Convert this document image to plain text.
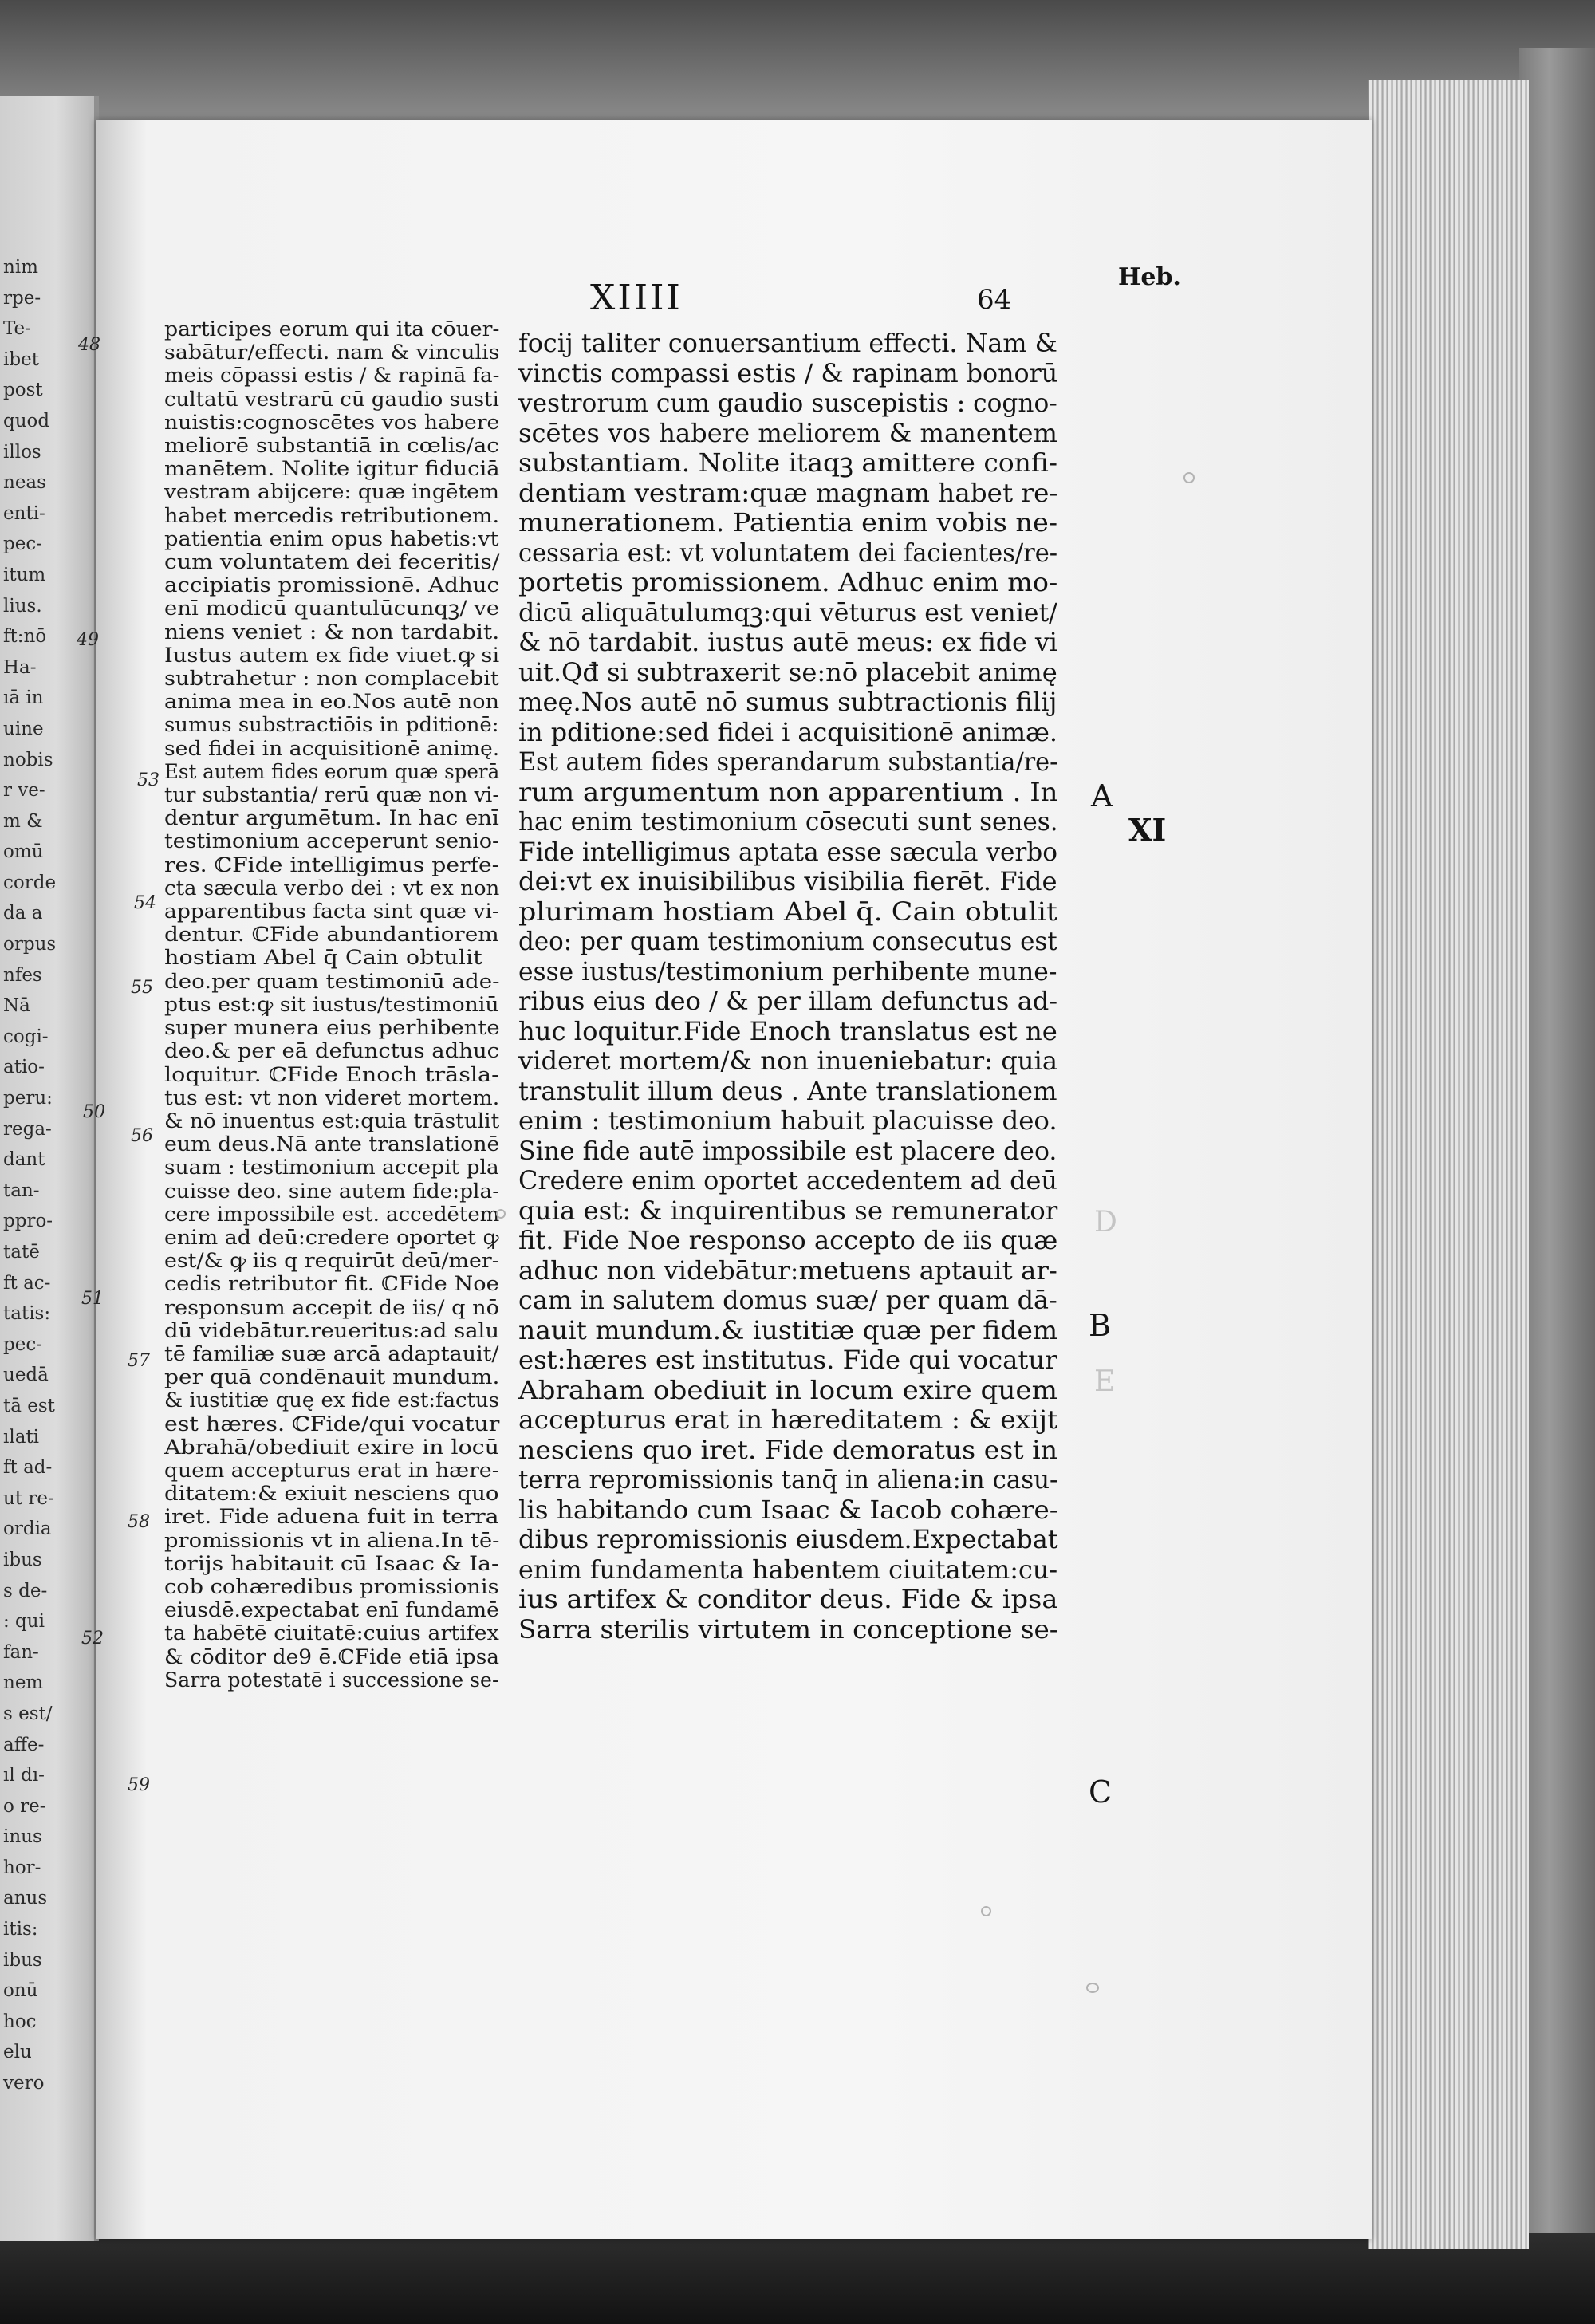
nim
rpe-
Te-
ibet
post
quod
illos
neas
enti-
pec-
itum
lius.
ft:nō
Ha-
ıā in
uine
nobis
r ve-
m &
omū
corde
da a
orpus
nfes
Nā
cogi-
atio-
peru:
rega-
dant
tan-
ppro-
tatē
ft ac-
tatis:
pec-
uedā
tā est
ılati
ft ad-
ut re-
ordia
ibus
s de-
: qui
fan-
nem
s est/
affe-
ıl dı-
o re-
inus
hor-
anus
itis:
ibus
onū
hoc
elu
vero
XIIII	64
Heb.
participes eorum qui ita cōuer-
sabātur/effecti. nam & vinculis
meis cōpassi estis / & rapinā fa-
cultatū vestrarū cū gaudio susti
nuistis:cognoscētes vos habere
meliorē substantiā in cœlis/ac
manētem. Nolite igitur fiduciā
vestram abijcere: quæ ingētem
habet mercedis retributionem.
patientia enim opus habetis:vt
cum voluntatem dei feceritis/
accipiatis promissionē. Adhuc
enī modicū quantulūcunqꝫ/ ve
niens veniet : & non tardabit.
Iustus autem ex fide viuet.ꝙ si
subtrahetur : non complacebit
anima mea in eo.Nos autē non
sumus substractiōis in pditionē:
sed fidei in acquisitionē animę.
Est autem fides eorum quæ sperā
tur substantia/ rerū quæ non vi-
dentur argumētum. In hac enī
testimonium acceperunt senio-
res. ℂFide intelligimus perfe-
cta sæcula verbo dei : vt ex non
apparentibus facta sint quæ vi-
dentur. ℂFide abundantiorem
hostiam Abel q̄ Cain obtulit
deo.per quam testimoniū ade-
ptus est:ꝙ sit iustus/testimoniū
super munera eius perhibente
deo.& per eā defunctus adhuc
loquitur. ℂFide Enoch trāsla-
tus est: vt non videret mortem.
& nō inuentus est:quia trāstulit
eum deus.Nā ante translationē
suam : testimonium accepit pla
cuisse deo. sine autem fide:pla-
cere impossibile est. accedētem
enim ad deū:credere oportet ꝙ
est/& ꝙ iis q requirūt deū/mer-
cedis retributor fit. ℂFide Noe
responsum accepit de iis/ q nō
dū videbātur.reueritus:ad salu
tē familiæ suæ arcā adaptauit/
per quā condēnauit mundum.
& iustitiæ quę ex fide est:factus
est hæres. ℂFide/qui vocatur
Abrahā/obediuit exire in locū
quem accepturus erat in hære-
ditatem:& exiuit nesciens quo
iret. Fide aduena fuit in terra
promissionis vt in aliena.In tē-
torijs habitauit cū Isaac & Ia-
cob cohæredibus promissionis
eiusdē.expectabat enī fundamē
ta habētē ciuitatē:cuius artifex
& cōditor de9 ē.ℂFide etiā ipsa
Sarra potestatē i successione se-
focij taliter conuersantium effecti. Nam &
vinctis compassi estis / & rapinam bonorū
vestrorum cum gaudio suscepistis : cogno-
scētes vos habere meliorem & manentem
substantiam. Nolite itaqꝫ amittere confi-
dentiam vestram:quæ magnam habet re-
munerationem. Patientia enim vobis ne-
cessaria est: vt voluntatem dei facientes/re-
portetis promissionem. Adhuc enim mo-
dicū aliquātulumqꝫ:qui vēturus est veniet/
& nō tardabit. iustus autē meus: ex fide vi
uit.Qđ si subtraxerit se:nō placebit animę
meę.Nos autē nō sumus subtractionis filij
in pditione:sed fidei i acquisitionē animæ.
Est autem fides sperandarum substantia/re-
rum argumentum non apparentium . In
hac enim testimonium cōsecuti sunt senes.
Fide intelligimus aptata esse sæcula verbo
dei:vt ex inuisibilibus visibilia fierēt. Fide
plurimam hostiam Abel q̄. Cain obtulit
deo: per quam testimonium consecutus est
esse iustus/testimonium perhibente mune-
ribus eius deo / & per illam defunctus ad-
huc loquitur.Fide Enoch translatus est ne
videret mortem/& non inueniebatur: quia
transtulit illum deus . Ante translationem
enim : testimonium habuit placuisse deo.
Sine fide autē impossibile est placere deo.
Credere enim oportet accedentem ad deū
quia est: & inquirentibus se remunerator
fit. Fide Noe responso accepto de iis quæ
adhuc non videbātur:metuens aptauit ar-
cam in salutem domus suæ/ per quam dā-
nauit mundum.& iustitiæ quæ per fidem
est:hæres est institutus. Fide qui vocatur
Abraham obediuit in locum exire quem
accepturus erat in hæreditatem : & exijt
nesciens quo iret. Fide demoratus est in
terra repromissionis tanq̄ in aliena:in casu-
lis habitando cum Isaac & Iacob cohære-
dibus repromissionis eiusdem.Expectabat
enim fundamenta habentem ciuitatem:cu-
ius artifex & conditor deus. Fide & ipsa
Sarra sterilis virtutem in conceptione se-
48
49
50
51
52
53
54
55
56
57
58
59
A
XI
B
C
D
E
